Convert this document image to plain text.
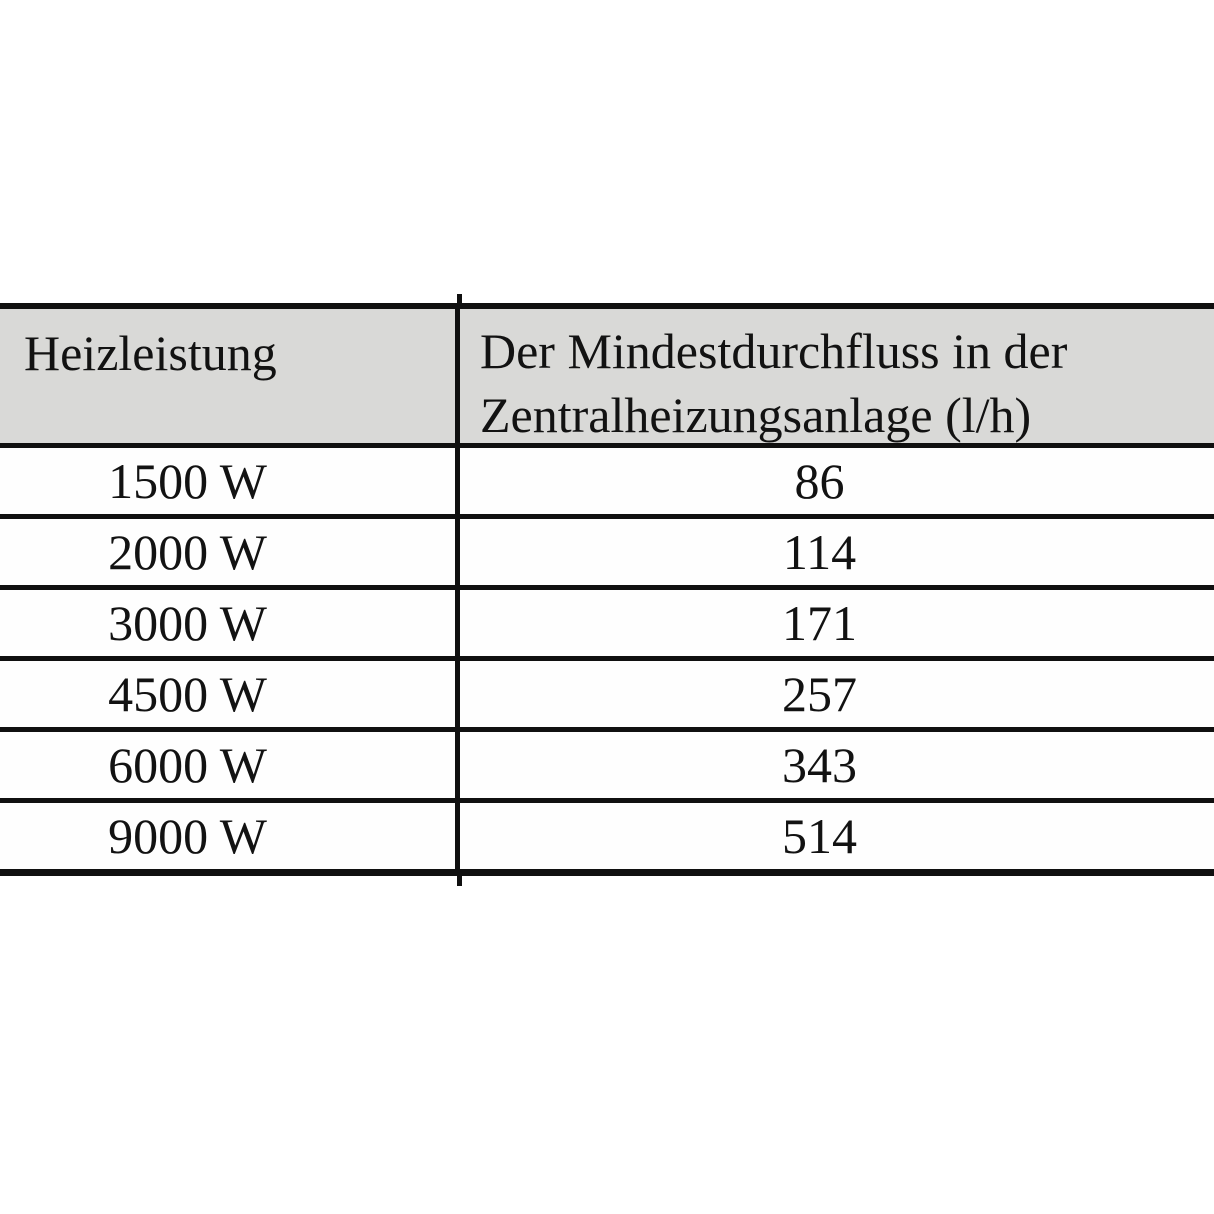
Heizleistung	Der Mindestdurchfluss in der
Zentralheizungsanlage (l/h)
1500 W	86
2000 W	114
3000 W	171
4500 W	257
6000 W	343
9000 W	514
